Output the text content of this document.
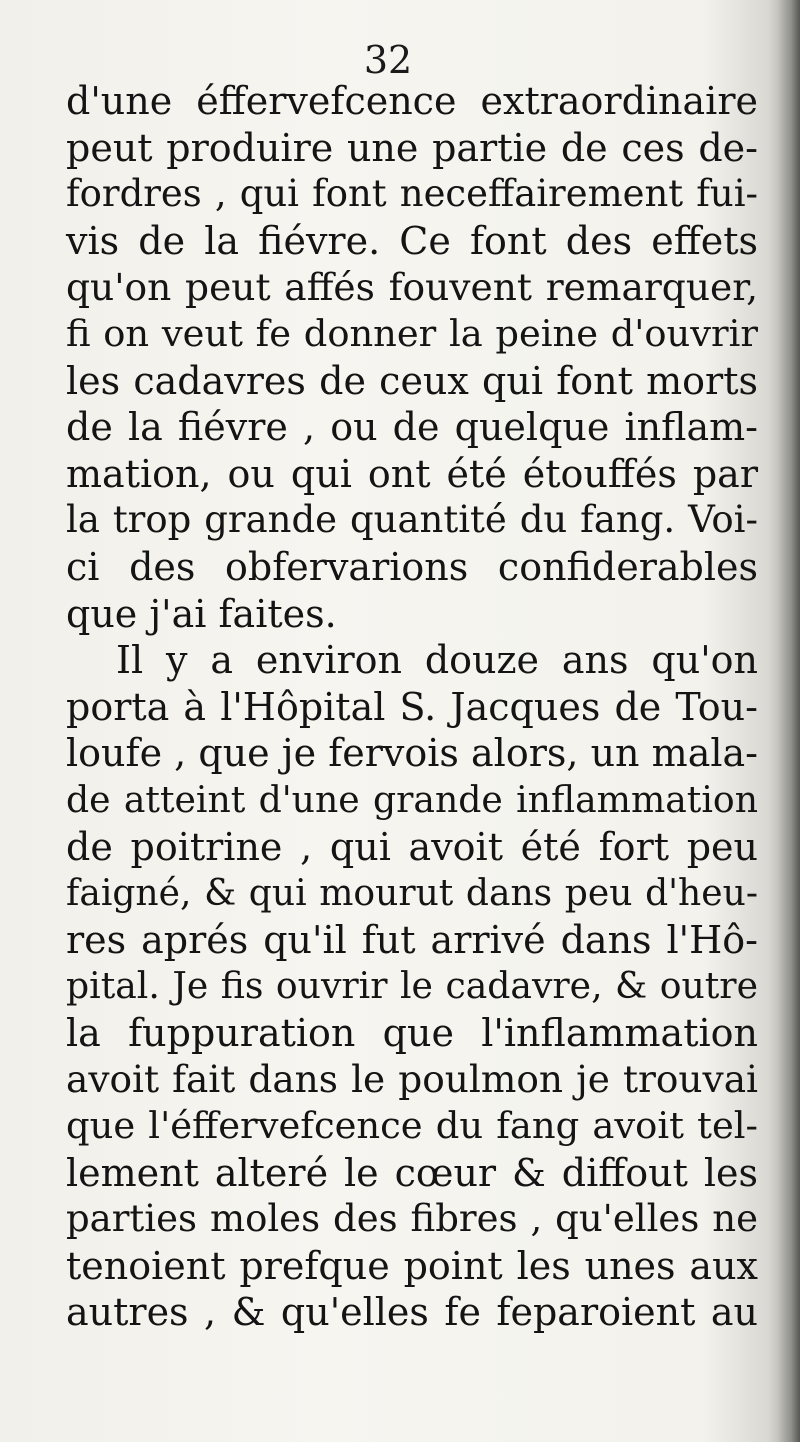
32
d'une éffervefcence extraordinaire
peut produire une partie de ces de-
fordres , qui font neceffairement fui-
vis de la fiévre. Ce font des effets
qu'on peut affés fouvent remarquer,
fi on veut fe donner la peine d'ouvrir
les cadavres de ceux qui font morts
de la fiévre , ou de quelque inflam-
mation, ou qui ont été étouffés par
la trop grande quantité du fang. Voi-
ci des obfervarions confiderables
que j'ai faites.
Il y a environ douze ans qu'on
porta à l'Hôpital S. Jacques de Tou-
loufe , que je fervois alors, un mala-
de atteint d'une grande inflammation
de poitrine , qui avoit été fort peu
faigné, & qui mourut dans peu d'heu-
res aprés qu'il fut arrivé dans l'Hô-
pital. Je fis ouvrir le cadavre, & outre
la fuppuration que l'inflammation
avoit fait dans le poulmon je trouvai
que l'éffervefcence du fang avoit tel-
lement alteré le cœur & diffout les
parties moles des fibres , qu'elles ne
tenoient prefque point les unes aux
autres , & qu'elles fe feparoient au
